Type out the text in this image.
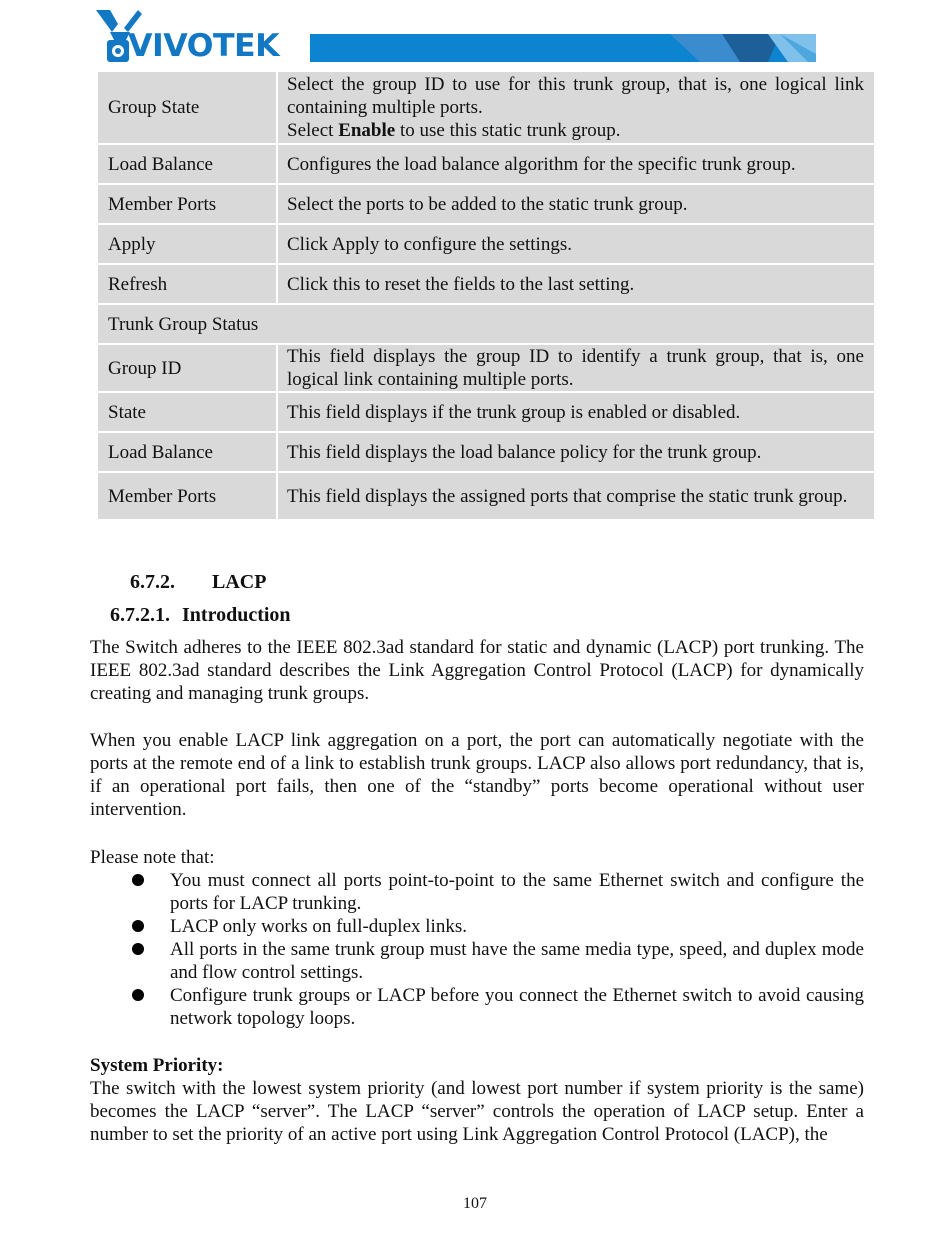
VIVOTEK
Group State	Select the group ID to use for this trunk group, that is, one logical link containing multiple ports.
Select Enable to use this static trunk group.

Load Balance	Configures the load balance algorithm for the specific trunk group.
Member Ports	Select the ports to be added to the static trunk group.
Apply	Click Apply to configure the settings.
Refresh	Click this to reset the fields to the last setting.
Trunk Group Status	
Group ID	This field displays the group ID to identify a trunk group, that is, one logical link containing multiple ports.
State	This field displays if the trunk group is enabled or disabled.
Load Balance	This field displays the load balance policy for the trunk group.
Member Ports	This field displays the assigned ports that comprise the static trunk group.
6.7.2. LACP
6.7.2.1. Introduction

The Switch adheres to the IEEE 802.3ad standard for static and dynamic (LACP) port trunking. The IEEE 802.3ad standard describes the Link Aggregation Control Protocol (LACP) for dynamically creating and managing trunk groups.

When you enable LACP link aggregation on a port, the port can automatically negotiate with the ports at the remote end of a link to establish trunk groups. LACP also allows port redundancy, that is, if an operational port fails, then one of the “standby” ports become operational without user intervention.

Please note that:

You must connect all ports point-to-point to the same Ethernet switch and configure the ports for LACP trunking.
LACP only works on full-duplex links.
All ports in the same trunk group must have the same media type, speed, and duplex mode and flow control settings.
Configure trunk groups or LACP before you connect the Ethernet switch to avoid causing network topology loops.
System Priority:

The switch with the lowest system priority (and lowest port number if system priority is the same) becomes the LACP “server”. The LACP “server” controls the operation of LACP setup. Enter a number to set the priority of an active port using Link Aggregation Control Protocol (LACP), the

107
